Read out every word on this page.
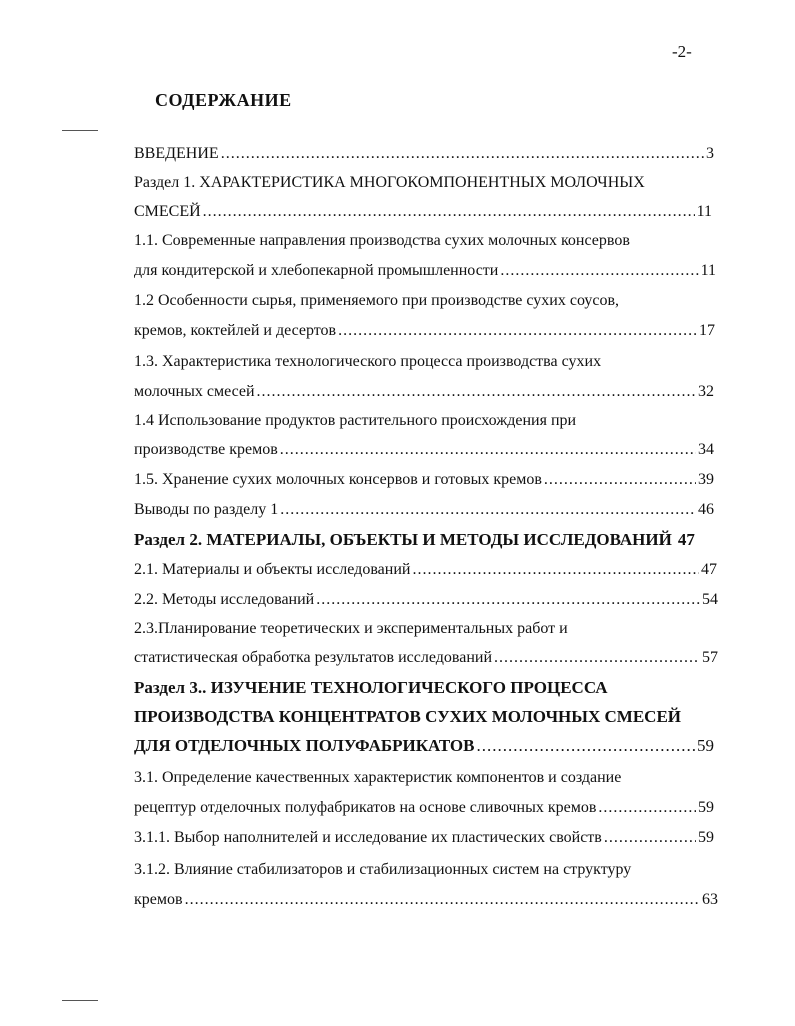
-2-
СОДЕРЖАНИЕ
ВВЕДЕНИЕ .....	3
Раздел 1. ХАРАКТЕРИСТИКА МНОГОКОМПОНЕНТНЫХ МОЛОЧНЫХ
СМЕСЕЙ .....	11
1.1. Современные направления производства сухих молочных консервов
для кондитерской и хлебопекарной промышленности .....	11
1.2 Особенности сырья, применяемого при производстве сухих соусов,
кремов, коктейлей и десертов .....	17
1.3. Характеристика технологического процесса производства сухих
молочных смесей .....	32
1.4 Использование продуктов растительного происхождения при
производстве кремов .....	34
1.5. Хранение сухих молочных консервов и готовых кремов .....	39
Выводы по разделу 1 .....	46
Раздел 2. МАТЕРИАЛЫ, ОБЪЕКТЫ И МЕТОДЫ ИССЛЕДОВАНИЙ 47
2.1. Материалы и объекты исследований .....	47
2.2. Методы исследований .....	54
2.3.Планирование теоретических и экспериментальных работ и
статистическая обработка результатов исследований .....	57
Раздел 3.. ИЗУЧЕНИЕ ТЕХНОЛОГИЧЕСКОГО ПРОЦЕССА
ПРОИЗВОДСТВА КОНЦЕНТРАТОВ СУХИХ МОЛОЧНЫХ СМЕСЕЙ
ДЛЯ ОТДЕЛОЧНЫХ ПОЛУФАБРИКАТОВ .....	59
3.1. Определение качественных характеристик компонентов и создание
рецептур отделочных полуфабрикатов на основе сливочных кремов .....	59
3.1.1. Выбор наполнителей и исследование их пластических свойств .....	59
3.1.2. Влияние стабилизаторов и стабилизационных систем на структуру
кремов .....	63
